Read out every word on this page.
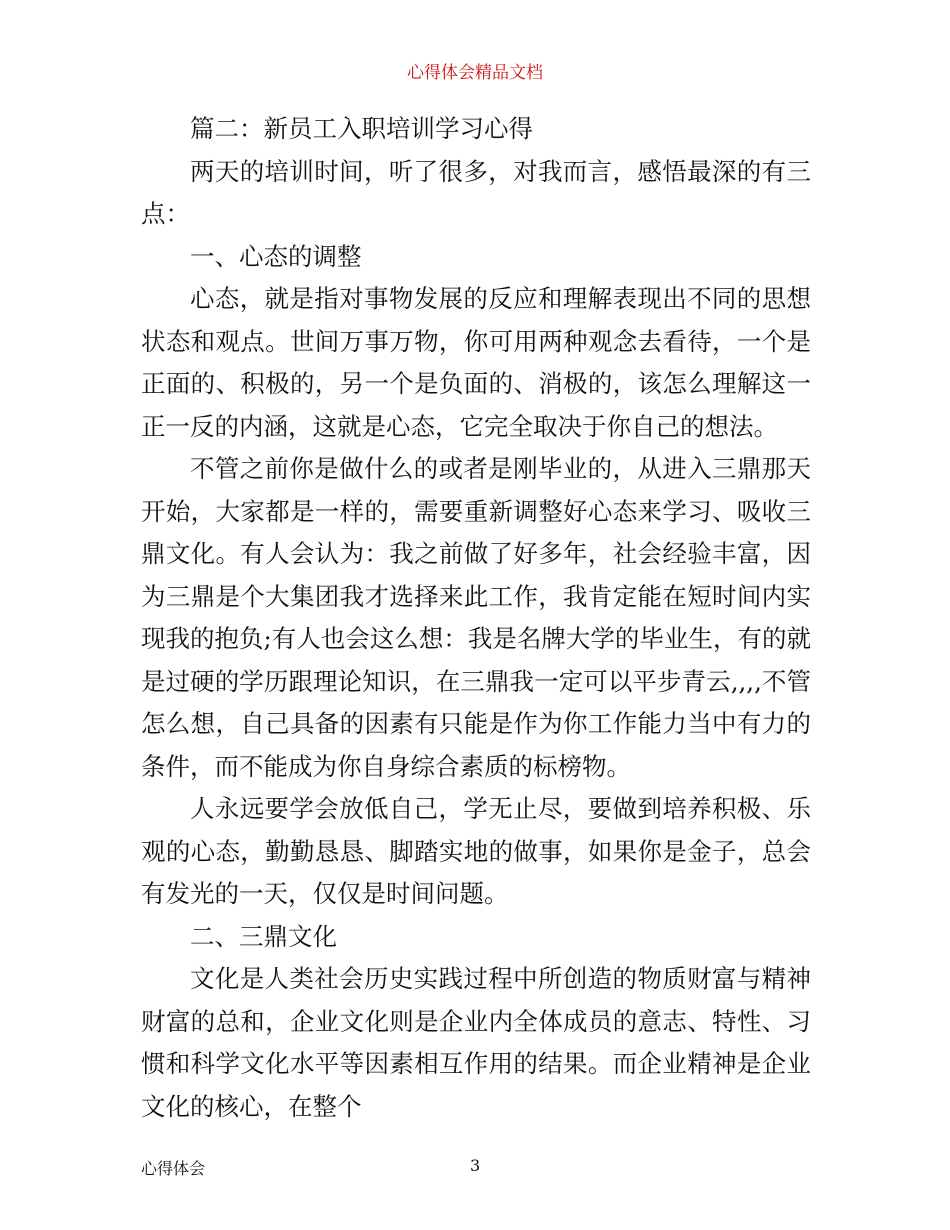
心得体会精品文档

篇二：新员工入职培训学习心得

两天的培训时间，听了很多，对我而言，感悟最深的有三点：

一、心态的调整

心态，就是指对事物发展的反应和理解表现出不同的思想状态和观点。世间万事万物，你可用两种观念去看待，一个是正面的、积极的，另一个是负面的、消极的，该怎么理解这一正一反的内涵，这就是心态，它完全取决于你自己的想法。

不管之前你是做什么的或者是刚毕业的，从进入三鼎那天开始，大家都是一样的，需要重新调整好心态来学习、吸收三鼎文化。有人会认为：我之前做了好多年，社会经验丰富，因为三鼎是个大集团我才选择来此工作，我肯定能在短时间内实现我的抱负;有人也会这么想：我是名牌大学的毕业生，有的就是过硬的学历跟理论知识，在三鼎我一定可以平步青云,,,,不管怎么想，自己具备的因素有只能是作为你工作能力当中有力的条件，而不能成为你自身综合素质的标榜物。

人永远要学会放低自己，学无止尽，要做到培养积极、乐观的心态，勤勤恳恳、脚踏实地的做事，如果你是金子，总会有发光的一天，仅仅是时间问题。

二、三鼎文化

文化是人类社会历史实践过程中所创造的物质财富与精神财富的总和，企业文化则是企业内全体成员的意志、特性、习惯和科学文化水平等因素相互作用的结果。而企业精神是企业文化的核心，在整个

心得体会	3
